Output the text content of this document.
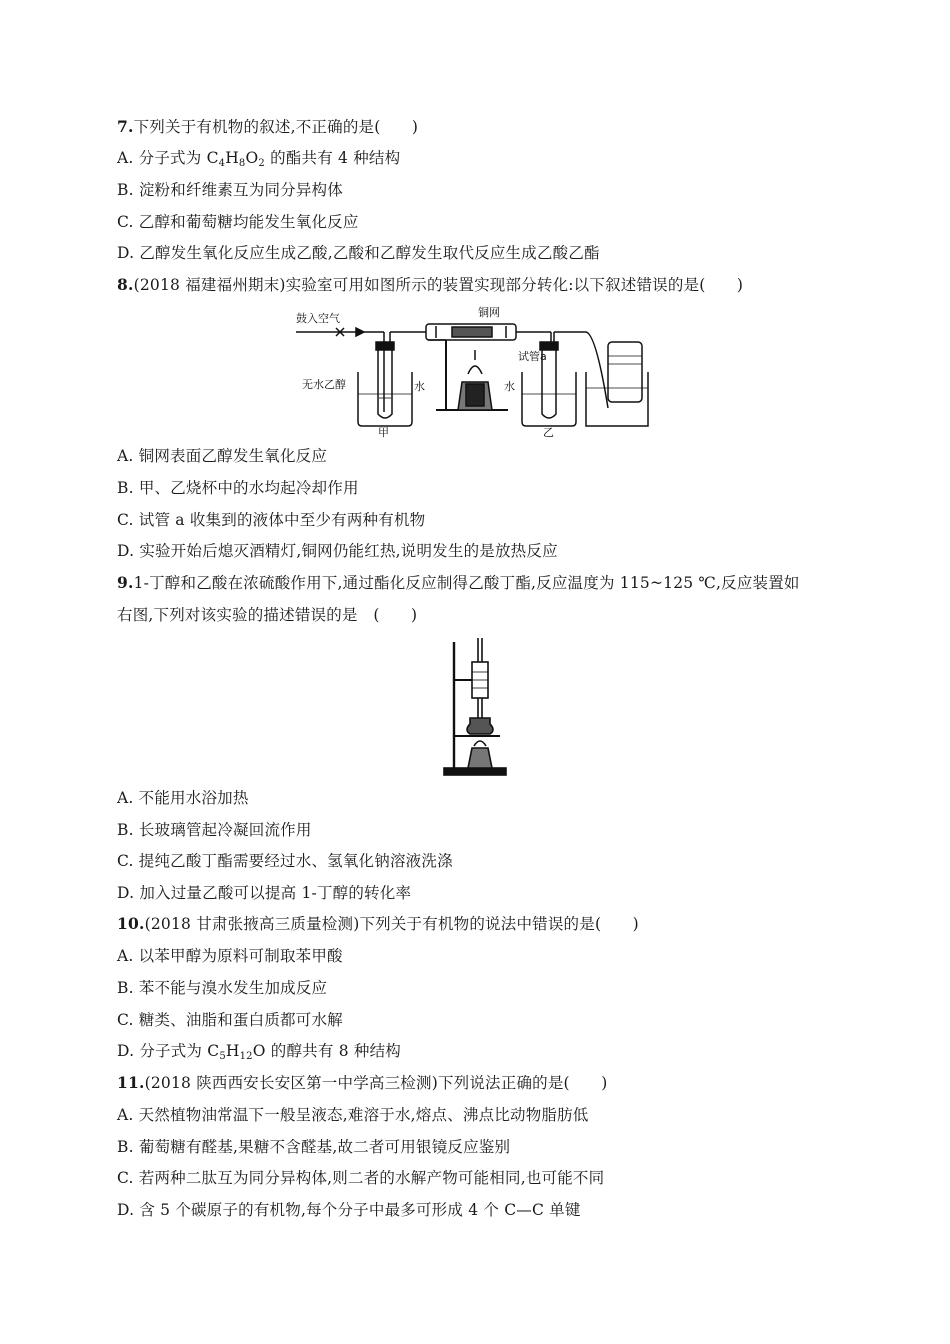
7.下列关于有机物的叙述,不正确的是(　　)
A. 分子式为 $C_4H_8O_2$ 的酯共有 4 种结构
B. 淀粉和纤维素互为同分异构体
C. 乙醇和葡萄糖均能发生氧化反应
D. 乙醇发生氧化反应生成乙酸,乙酸和乙醇发生取代反应生成乙酸乙酯
8.(2018 福建福州期末)实验室可用如图所示的装置实现部分转化:以下叙述错误的是(　　)
鼓入空气	铜网
试管a
无水乙醇	水	水
甲	乙
A. 铜网表面乙醇发生氧化反应
B. 甲、乙烧杯中的水均起冷却作用
C. 试管 a 收集到的液体中至少有两种有机物
D. 实验开始后熄灭酒精灯,铜网仍能红热,说明发生的是放热反应
9.1-丁醇和乙酸在浓硫酸作用下,通过酯化反应制得乙酸丁酯,反应温度为 115~125 ℃,反应装置如
右图,下列对该实验的描述错误的是　(　　)
A. 不能用水浴加热
B. 长玻璃管起冷凝回流作用
C. 提纯乙酸丁酯需要经过水、氢氧化钠溶液洗涤
D. 加入过量乙酸可以提高 1-丁醇的转化率
10.(2018 甘肃张掖高三质量检测)下列关于有机物的说法中错误的是(　　)
A. 以苯甲醇为原料可制取苯甲酸
B. 苯不能与溴水发生加成反应
C. 糖类、油脂和蛋白质都可水解
D. 分子式为 $C_5H_{12}O$ 的醇共有 8 种结构
11.(2018 陕西西安长安区第一中学高三检测)下列说法正确的是(　　)
A. 天然植物油常温下一般呈液态,难溶于水,熔点、沸点比动物脂肪低
B. 葡萄糖有醛基,果糖不含醛基,故二者可用银镜反应鉴别
C. 若两种二肽互为同分异构体,则二者的水解产物可能相同,也可能不同
D. 含 5 个碳原子的有机物,每个分子中最多可形成 4 个 C—C 单键
